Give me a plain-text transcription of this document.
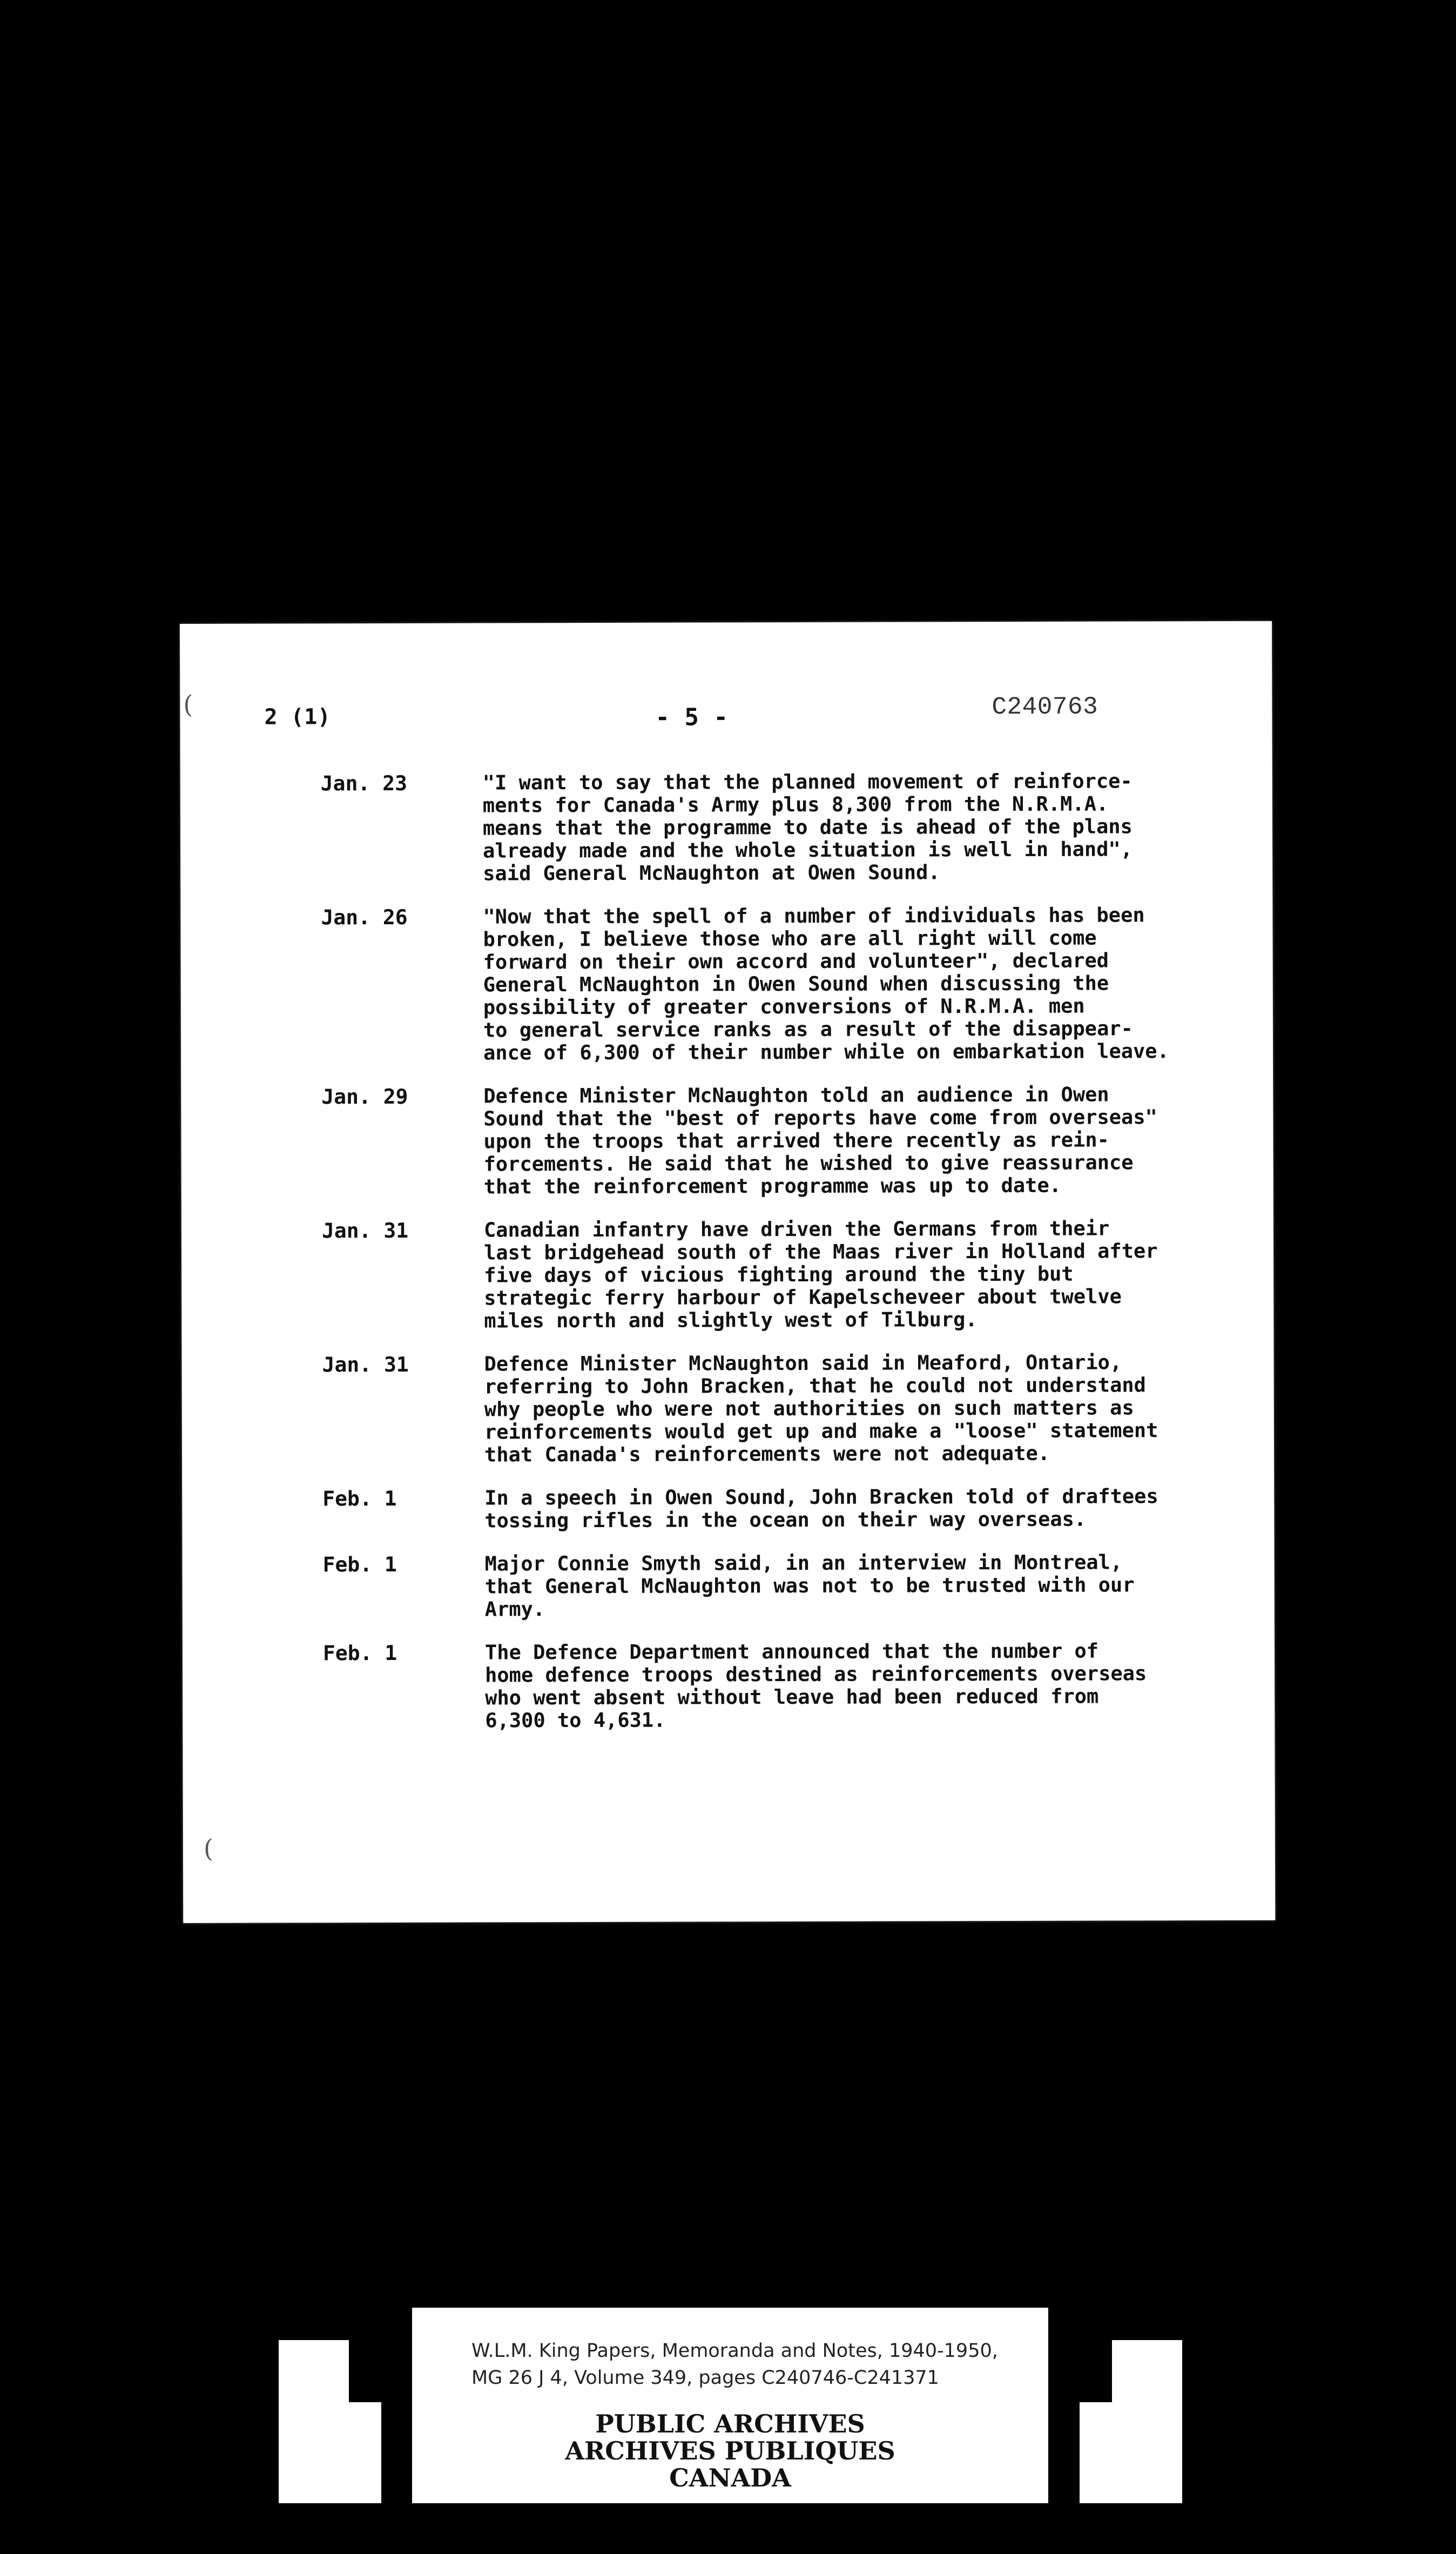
(
(
2 (1)	- 5 -	C240763
Jan. 23	"I want to say that the planned movement of reinforce-
ments for Canada's Army plus 8,300 from the N.R.M.A.
means that the programme to date is ahead of the plans
already made and the whole situation is well in hand",
said General McNaughton at Owen Sound.
Jan. 26	"Now that the spell of a number of individuals has been
broken, I believe those who are all right will come
forward on their own accord and volunteer", declared
General McNaughton in Owen Sound when discussing the
possibility of greater conversions of N.R.M.A. men
to general service ranks as a result of the disappear-
ance of 6,300 of their number while on embarkation leave.
Jan. 29	Defence Minister McNaughton told an audience in Owen
Sound that the "best of reports have come from overseas"
upon the troops that arrived there recently as rein-
forcements. He said that he wished to give reassurance
that the reinforcement programme was up to date.
Jan. 31	Canadian infantry have driven the Germans from their
last bridgehead south of the Maas river in Holland after
five days of vicious fighting around the tiny but
strategic ferry harbour of Kapelscheveer about twelve
miles north and slightly west of Tilburg.
Jan. 31	Defence Minister McNaughton said in Meaford, Ontario,
referring to John Bracken, that he could not understand
why people who were not authorities on such matters as
reinforcements would get up and make a "loose" statement
that Canada's reinforcements were not adequate.
Feb. 1	In a speech in Owen Sound, John Bracken told of draftees
tossing rifles in the ocean on their way overseas.
Feb. 1	Major Connie Smyth said, in an interview in Montreal,
that General McNaughton was not to be trusted with our
Army.
Feb. 1	The Defence Department announced that the number of
home defence troops destined as reinforcements overseas
who went absent without leave had been reduced from
6,300 to 4,631.
W.L.M. King Papers, Memoranda and Notes, 1940-1950,
MG 26 J 4, Volume 349, pages C240746-C241371
PUBLIC ARCHIVES
ARCHIVES PUBLIQUES
CANADA
